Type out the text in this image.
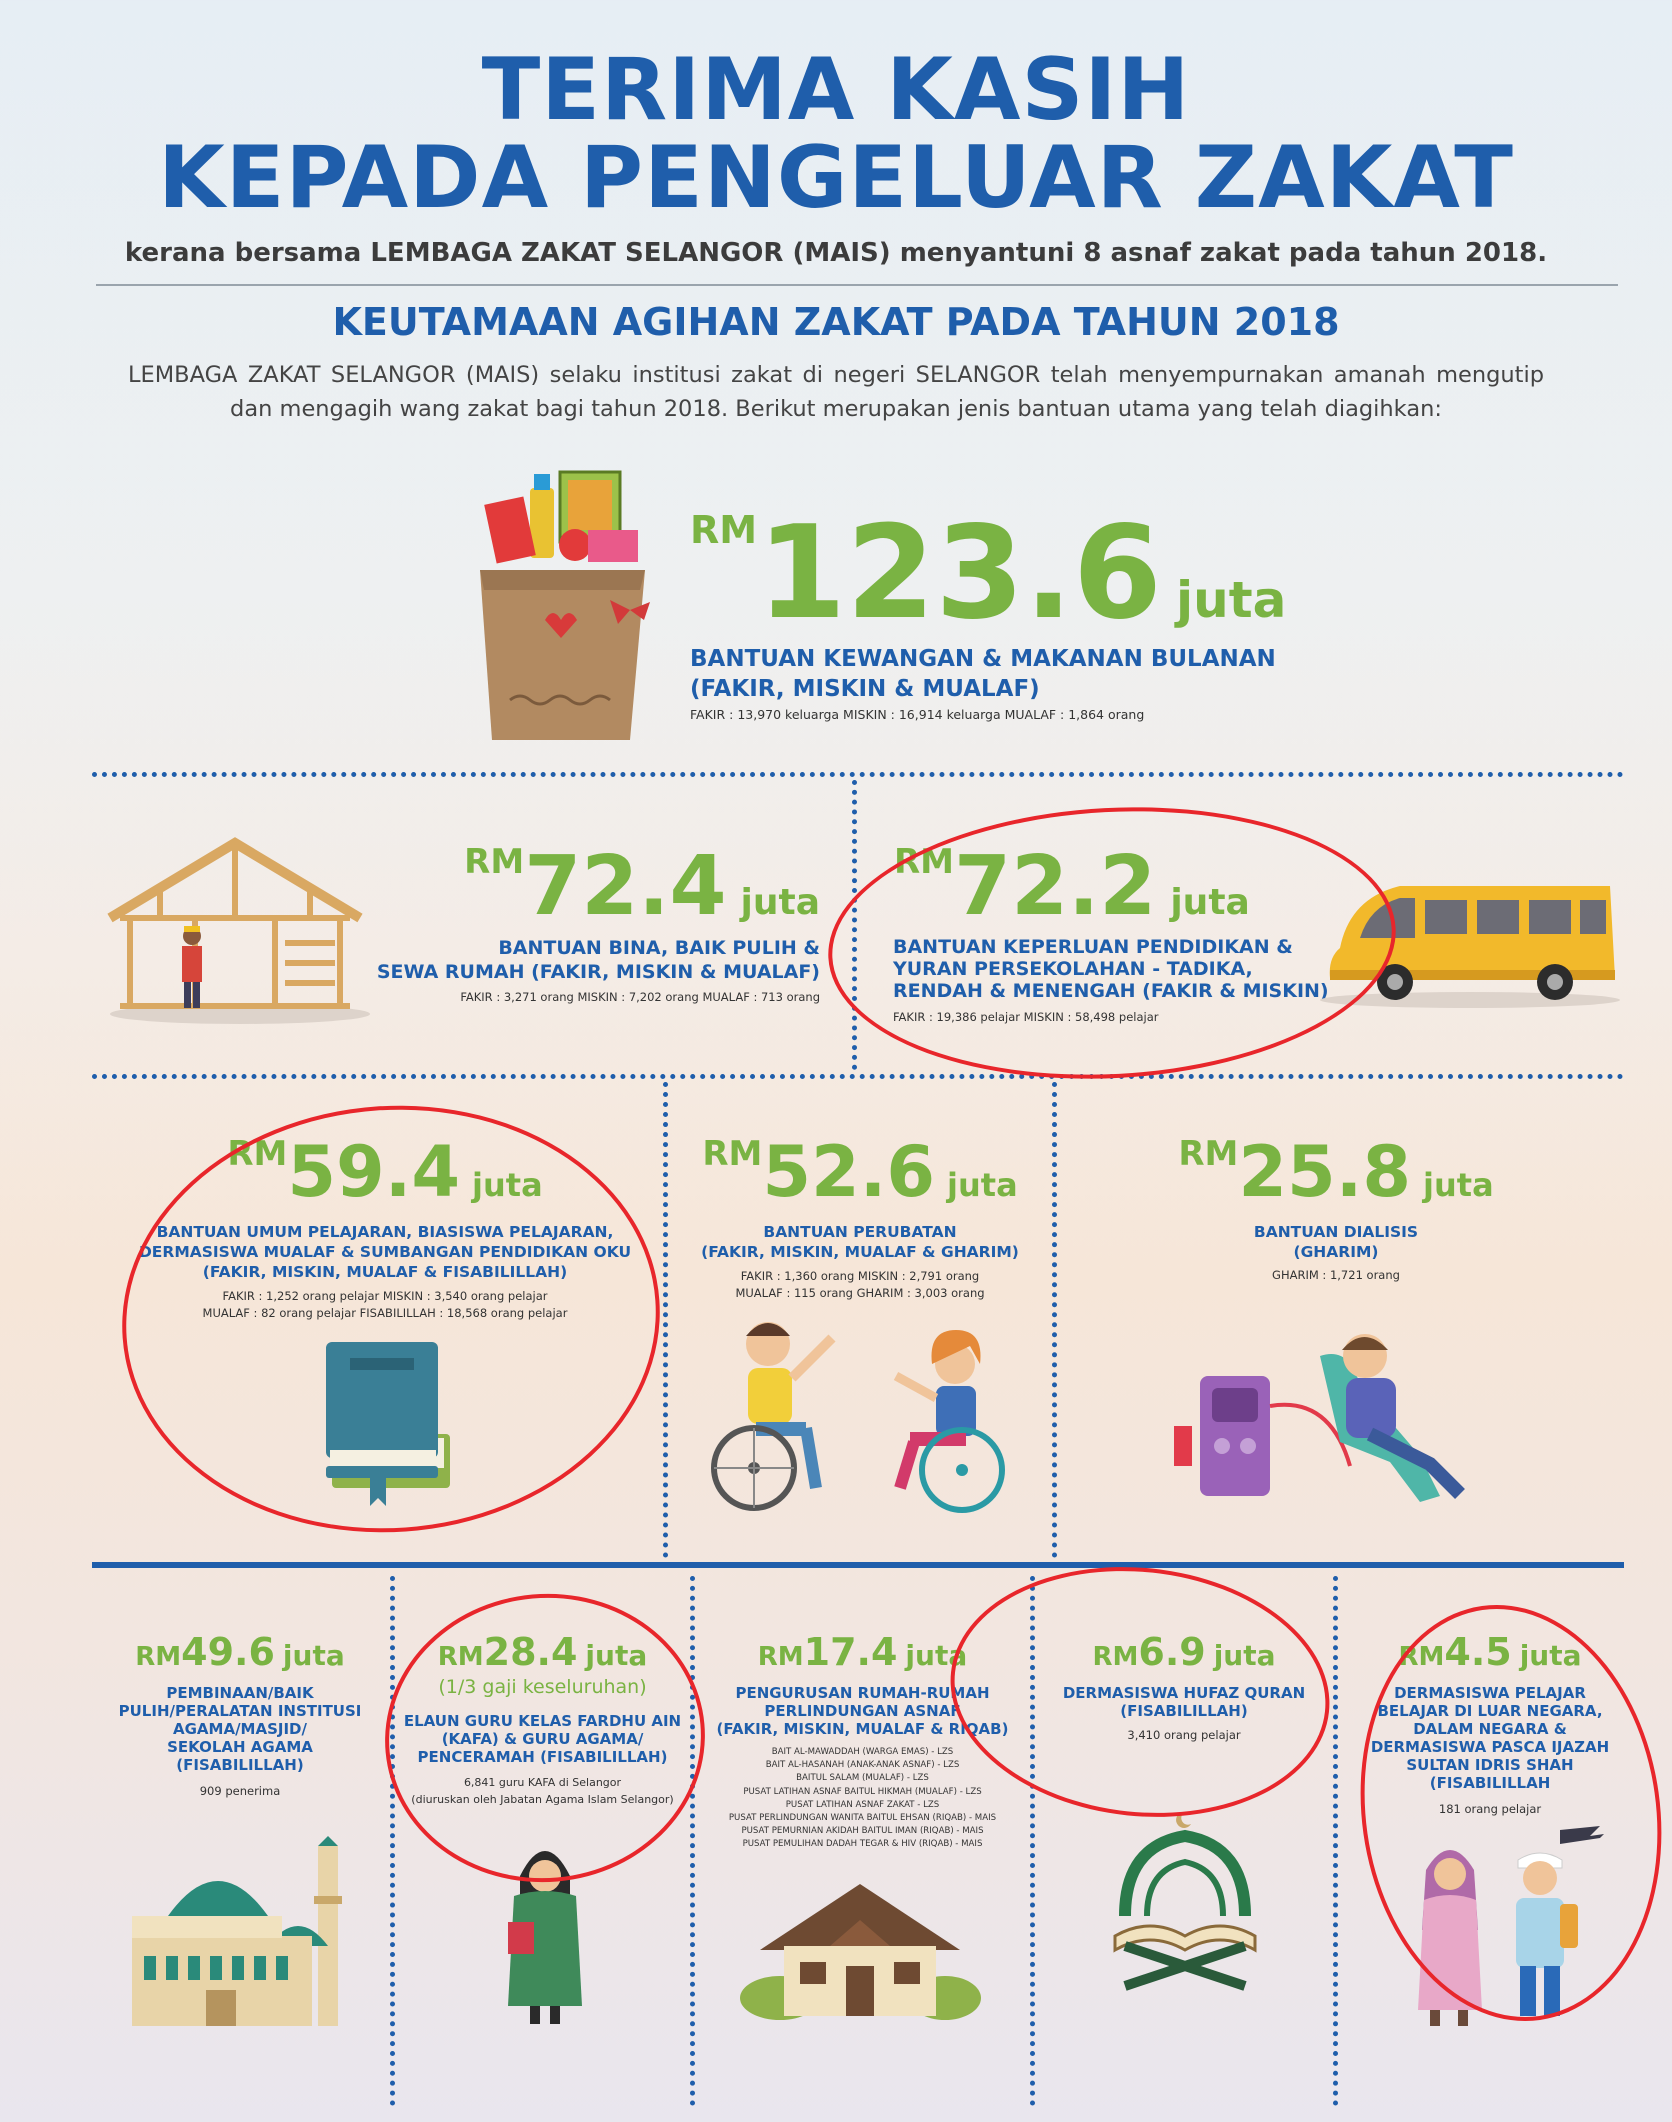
TERIMA KASIH
KEPADA PENGELUAR ZAKAT
kerana bersama LEMBAGA ZAKAT SELANGOR (MAIS) menyantuni 8 asnaf zakat pada tahun 2018.
KEUTAMAAN AGIHAN ZAKAT PADA TAHUN 2018
LEMBAGA ZAKAT SELANGOR (MAIS) selaku institusi zakat di negeri SELANGOR telah menyempurnakan amanah mengutip dan mengagih wang zakat bagi tahun 2018. Berikut merupakan jenis bantuan utama yang telah diagihkan:
RM123.6 juta
BANTUAN KEWANGAN & MAKANAN BULANAN
(FAKIR, MISKIN & MUALAF)
FAKIR : 13,970 keluarga MISKIN : 16,914 keluarga MUALAF : 1,864 orang
RM72.4 juta
BANTUAN BINA, BAIK PULIH &
SEWA RUMAH (FAKIR, MISKIN & MUALAF)
FAKIR : 3,271 orang MISKIN : 7,202 orang MUALAF : 713 orang
RM72.2 juta
BANTUAN KEPERLUAN PENDIDIKAN &
YURAN PERSEKOLAHAN - TADIKA,
RENDAH & MENENGAH (FAKIR & MISKIN)
FAKIR : 19,386 pelajar MISKIN : 58,498 pelajar
RM59.4 juta
BANTUAN UMUM PELAJARAN, BIASISWA PELAJARAN,
DERMASISWA MUALAF & SUMBANGAN PENDIDIKAN OKU
(FAKIR, MISKIN, MUALAF & FISABILILLAH)
FAKIR : 1,252 orang pelajar MISKIN : 3,540 orang pelajar
MUALAF : 82 orang pelajar FISABILILLAH : 18,568 orang pelajar
RM52.6 juta
BANTUAN PERUBATAN
(FAKIR, MISKIN, MUALAF & GHARIM)
FAKIR : 1,360 orang MISKIN : 2,791 orang
MUALAF : 115 orang GHARIM : 3,003 orang
RM25.8 juta
BANTUAN DIALISIS
(GHARIM)
GHARIM : 1,721 orang
RM49.6 juta
PEMBINAAN/BAIK
PULIH/PERALATAN INSTITUSI
AGAMA/MASJID/
SEKOLAH AGAMA
(FISABILILLAH)
909 penerima
RM28.4 juta
(1/3 gaji keseluruhan)
ELAUN GURU KELAS FARDHU AIN
(KAFA) & GURU AGAMA/
PENCERAMAH (FISABILILLAH)
6,841 guru KAFA di Selangor
(diuruskan oleh Jabatan Agama Islam Selangor)
RM17.4 juta
PENGURUSAN RUMAH-RUMAH
PERLINDUNGAN ASNAF
(FAKIR, MISKIN, MUALAF & RIQAB)
BAIT AL-MAWADDAH (WARGA EMAS) - LZS
BAIT AL-HASANAH (ANAK-ANAK ASNAF) - LZS
BAITUL SALAM (MUALAF) - LZS
PUSAT LATIHAN ASNAF BAITUL HIKMAH (MUALAF) - LZS
PUSAT LATIHAN ASNAF ZAKAT - LZS
PUSAT PERLINDUNGAN WANITA BAITUL EHSAN (RIQAB) - MAIS
PUSAT PEMURNIAN AKIDAH BAITUL IMAN (RIQAB) - MAIS
PUSAT PEMULIHAN DADAH TEGAR & HIV (RIQAB) - MAIS
RM6.9 juta
DERMASISWA HUFAZ QURAN
(FISABILILLAH)
3,410 orang pelajar
RM4.5 juta
DERMASISWA PELAJAR
BELAJAR DI LUAR NEGARA,
DALAM NEGARA &
DERMASISWA PASCA IJAZAH
SULTAN IDRIS SHAH
(FISABILILLAH
181 orang pelajar
